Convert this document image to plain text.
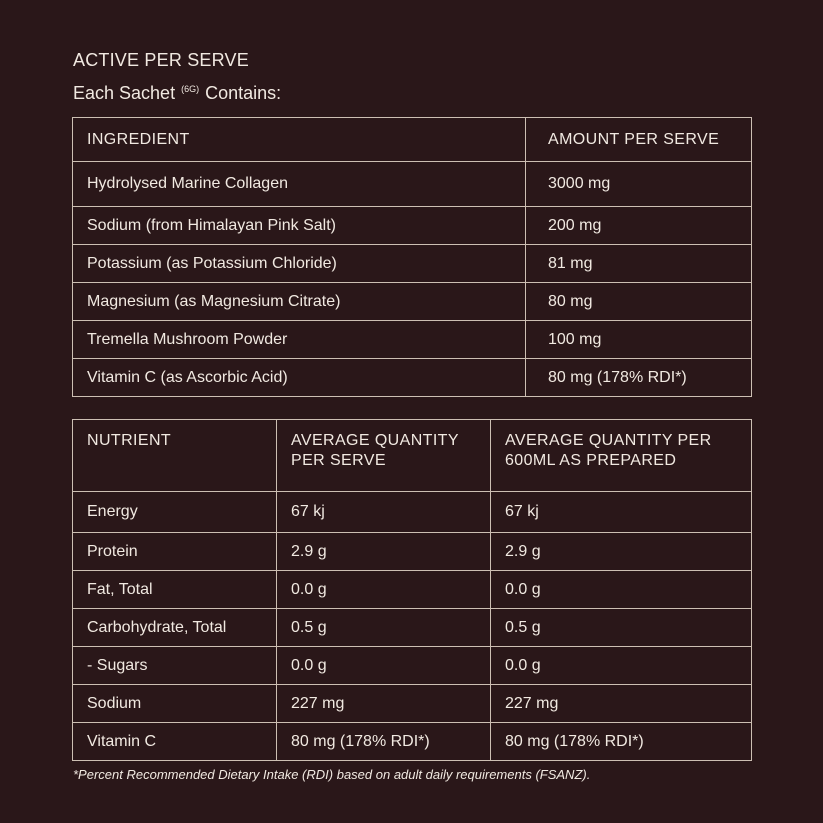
ACTIVE PER SERVE
Each Sachet $^{(6G)}$ Contains:
INGREDIENT	AMOUNT PER SERVE
Hydrolysed Marine Collagen	3000 mg
Sodium (from Himalayan Pink Salt)	200 mg
Potassium (as Potassium Chloride)	81 mg
Magnesium (as Magnesium Citrate)	80 mg
Tremella Mushroom Powder	100 mg
Vitamin C (as Ascorbic Acid)	80 mg (178% RDI*)
NUTRIENT	AVERAGE QUANTITY PER SERVE	AVERAGE QUANTITY PER 600ML AS PREPARED
Energy	67 kj	67 kj
Protein	2.9 g	2.9 g
Fat, Total	0.0 g	0.0 g
Carbohydrate, Total	0.5 g	0.5 g
- Sugars	0.0 g	0.0 g
Sodium	227 mg	227 mg
Vitamin C	80 mg (178% RDI*)	80 mg (178% RDI*)
*Percent Recommended Dietary Intake (RDI) based on adult daily requirements (FSANZ).
